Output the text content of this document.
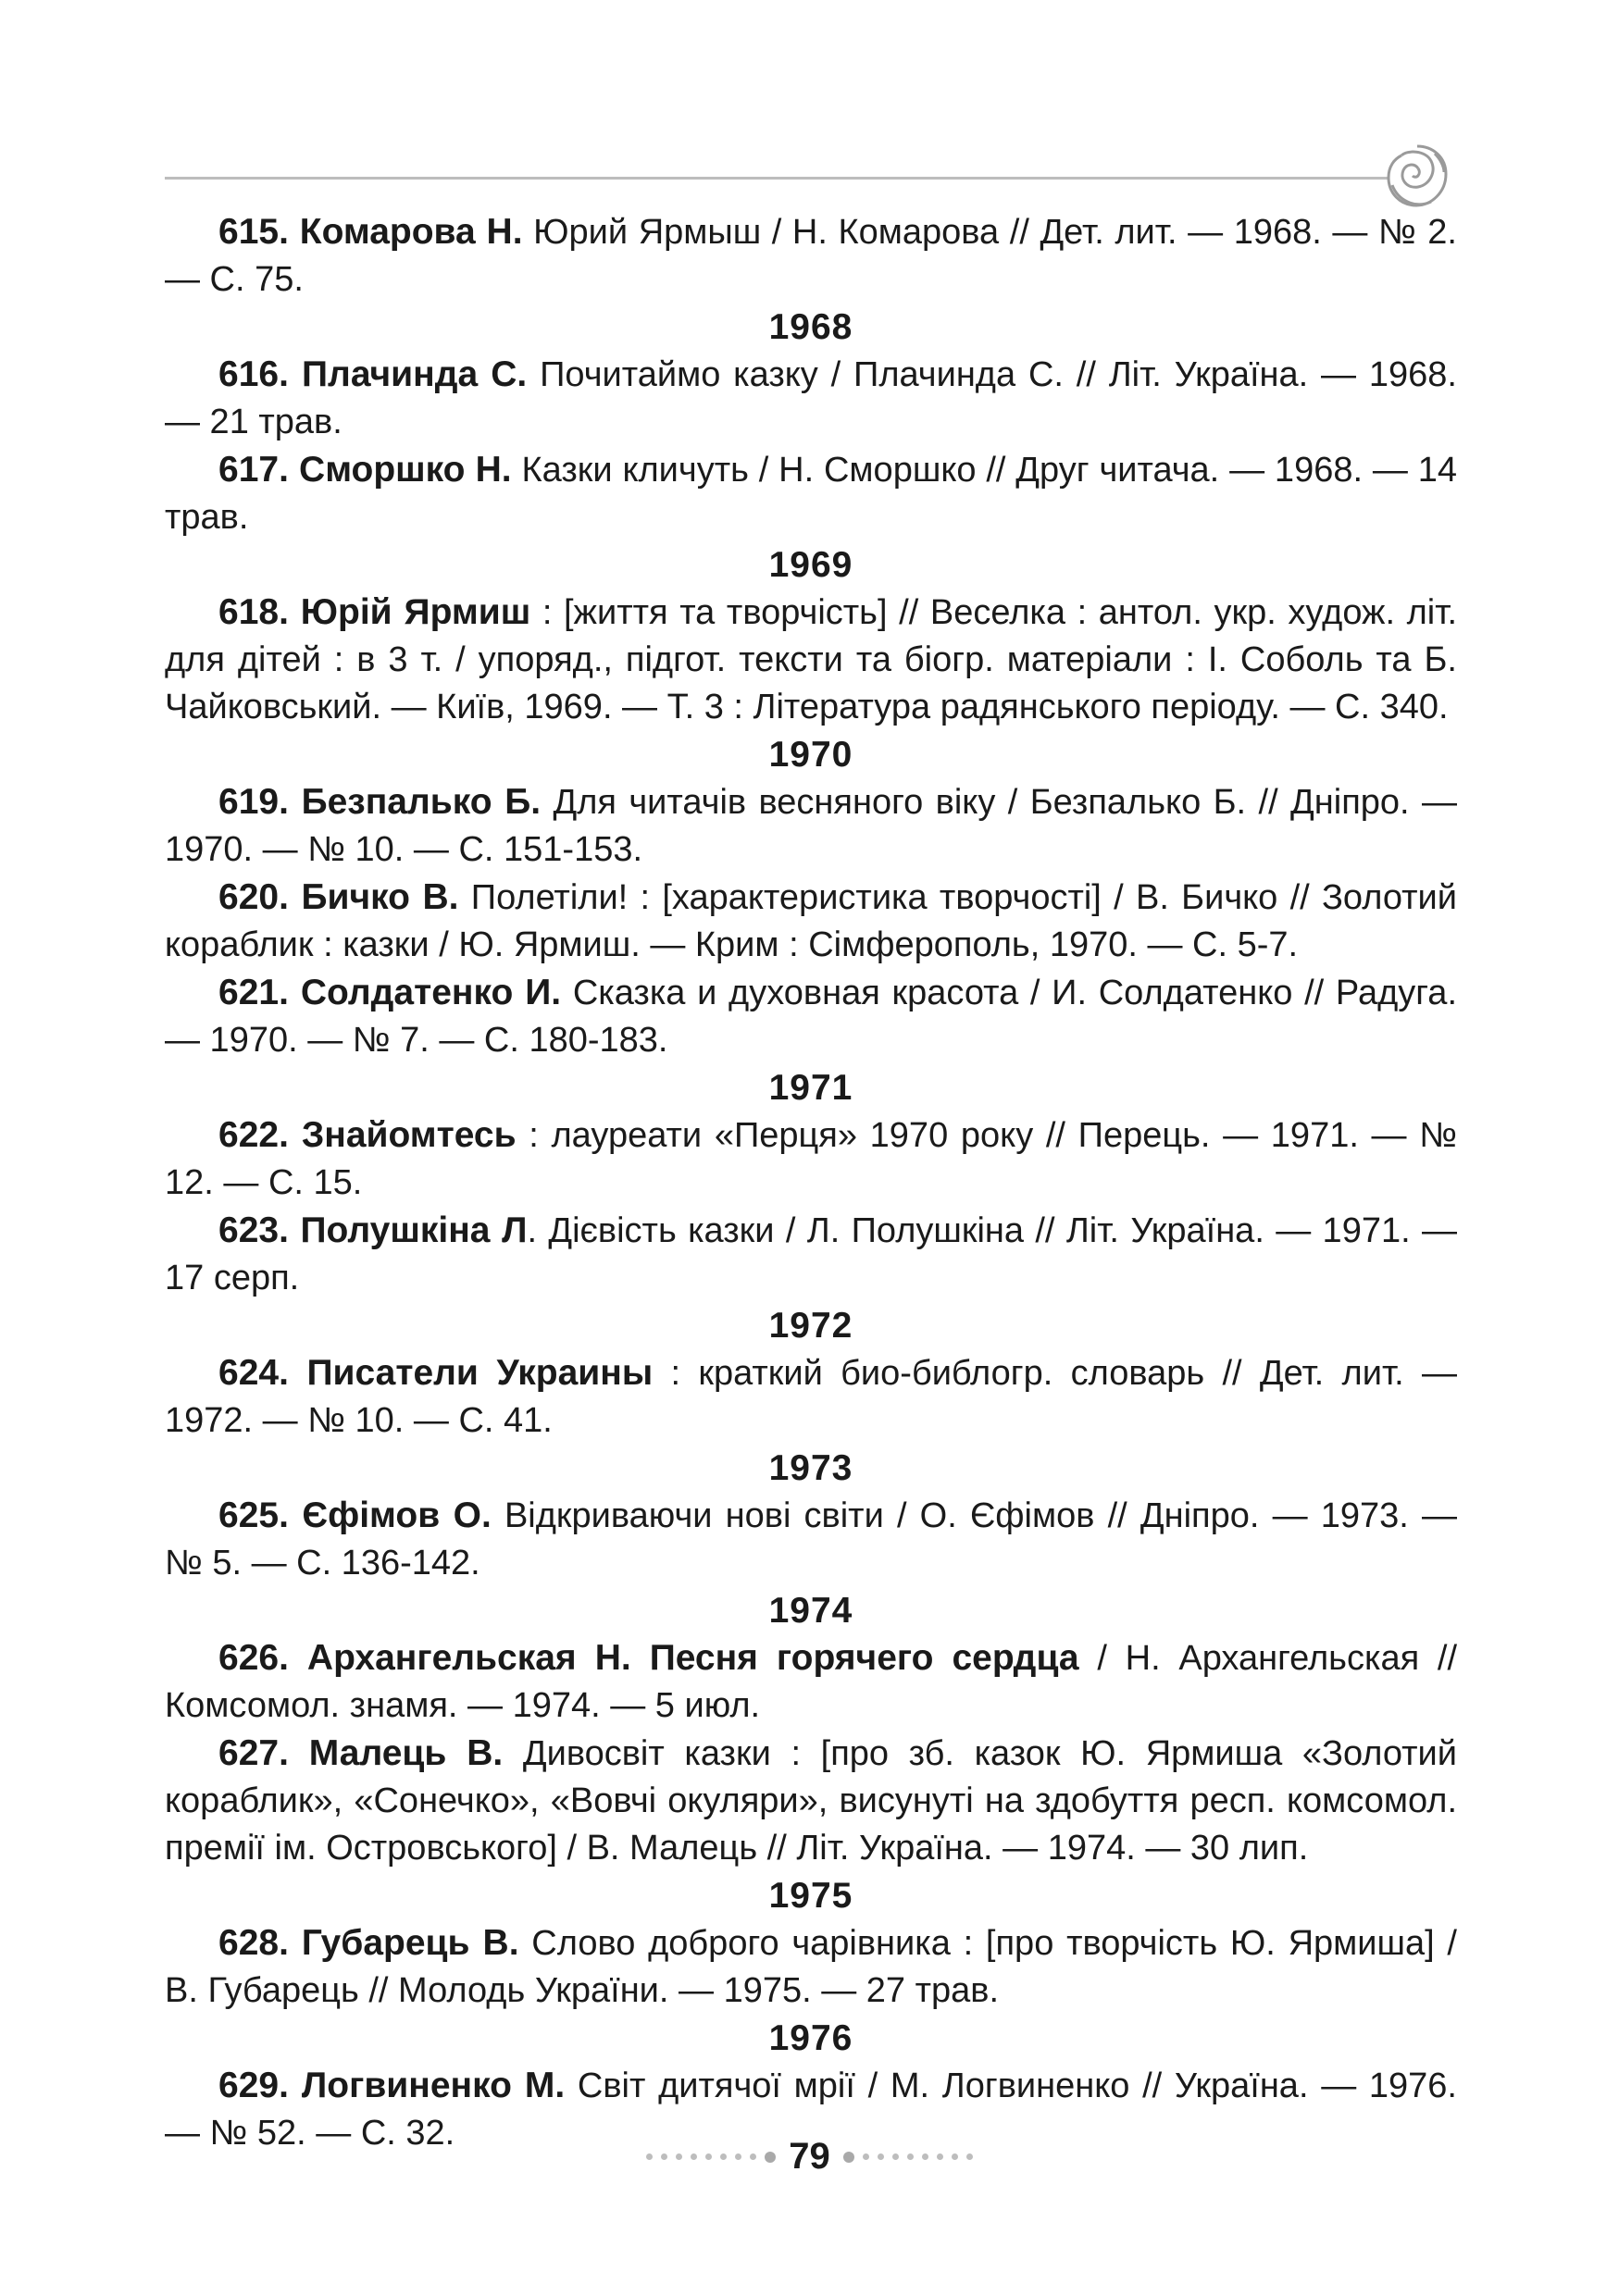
615. Комарова Н. Юрий Ярмыш / Н. Комарова // Дет. лит. — 1968. — № 2. — С. 75.

1968

616. Плачинда С. Почитаймо казку / Плачинда С. // Літ. Україна. — 1968. — 21 трав.

617. Сморшко Н. Казки кличуть / Н. Сморшко // Друг читача. — 1968. — 14 трав.

1969

618. Юрій Ярмиш : [життя та творчість] // Веселка : антол. укр. худож. літ. для дітей : в 3 т. / упоряд., підгот. тексти та біогр. матеріали : І. Соболь та Б. Чайковський. — Київ, 1969. — Т. 3 : Література радянського періоду. — С. 340.

1970

619. Безпалько Б. Для читачів весняного віку / Безпалько Б. // Дніпро. — 1970. — № 10. — С. 151-153.

620. Бичко В. Полетіли! : [характеристика творчості] / В. Бичко // Золотий кораблик : казки / Ю. Ярмиш. — Крим : Сімферополь, 1970. — С. 5-7.

621. Солдатенко И. Сказка и духовная красота / И. Солдатенко // Радуга. — 1970. — № 7. — С. 180-183.

1971

622. Знайомтесь : лауреати «Перця» 1970 року // Перець. — 1971. — № 12. — С. 15.

623. Полушкіна Л. Дієвість казки / Л. Полушкіна // Літ. Україна. — 1971. — 17 серп.

1972

624. Писатели Украины : краткий био-библогр. словарь // Дет. лит. — 1972. — № 10. — С. 41.

1973

625. Єфімов О. Відкриваючи нові світи / О. Єфімов // Дніпро. — 1973. — № 5. — С. 136-142.

1974

626. Архангельская Н. Песня горячего сердца / Н. Архангельская // Комсомол. знамя. — 1974. — 5 июл.

627. Малець В. Дивосвіт казки : [про зб. казок Ю. Ярмиша «Золотий кораблик», «Сонечко», «Вовчі окуляри», висунуті на здобуття респ. комсомол. премії ім. Островського] / В. Малець // Літ. Україна. — 1974. — 30 лип.

1975

628. Губарець В. Слово доброго чарівника : [про творчість Ю. Ярмиша] / В. Губарець // Молодь України. — 1975. — 27 трав.

1976

629. Логвиненко М. Світ дитячої мрії / М. Логвиненко // Україна. — 1976. — № 52. — С. 32.

79
